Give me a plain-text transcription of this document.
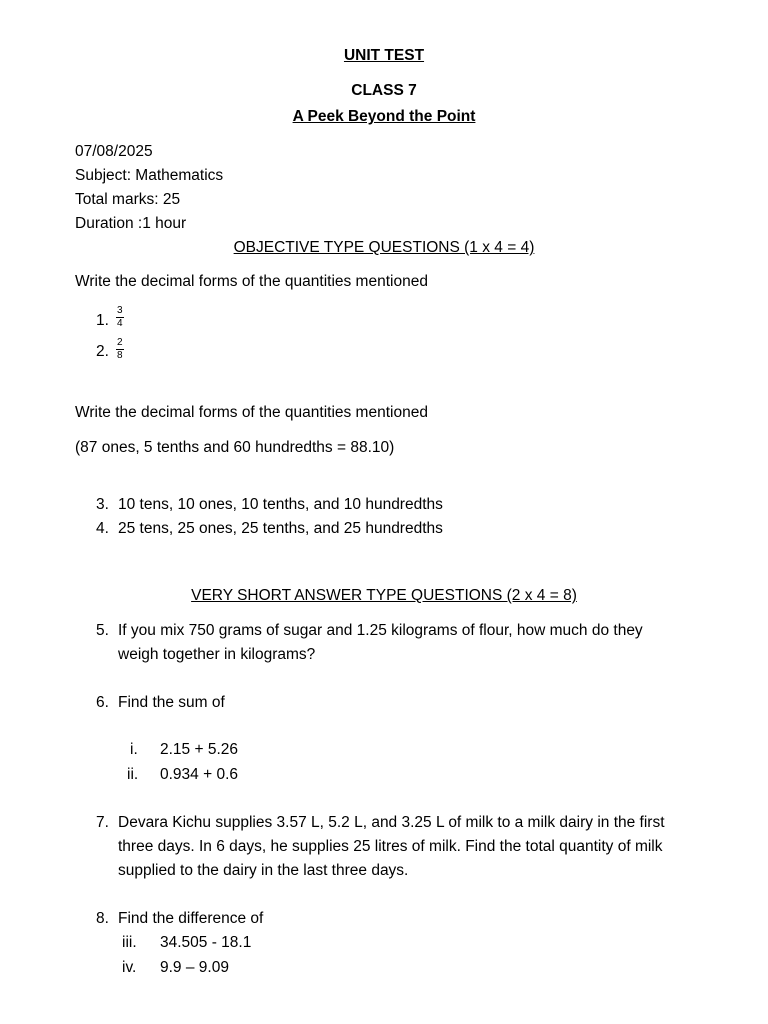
UNIT TEST
CLASS 7
A Peek Beyond the Point
07/08/2025
Subject: Mathematics
Total marks: 25
Duration :1 hour
OBJECTIVE TYPE QUESTIONS (1 x 4 = 4)
Write the decimal forms of the quantities mentioned
1. $\frac{3}{4}$
2. $\frac{2}{8}$
Write the decimal forms of the quantities mentioned
(87 ones, 5 tenths and 60 hundredths = 88.10)
3. 10 tens, 10 ones, 10 tenths, and 10 hundredths
4. 25 tens, 25 ones, 25 tenths, and 25 hundredths
VERY SHORT ANSWER TYPE QUESTIONS (2 x 4 = 8)
5. If you mix 750 grams of sugar and 1.25 kilograms of flour, how much do they
weigh together in kilograms?
6. Find the sum of
i. 2.15 + 5.26
ii. 0.934 + 0.6
7. Devara Kichu supplies 3.57 L, 5.2 L, and 3.25 L of milk to a milk dairy in the first
three days. In 6 days, he supplies 25 litres of milk. Find the total quantity of milk
supplied to the dairy in the last three days.
8. Find the difference of
iii. 34.505 - 18.1
iv. 9.9 – 9.09
